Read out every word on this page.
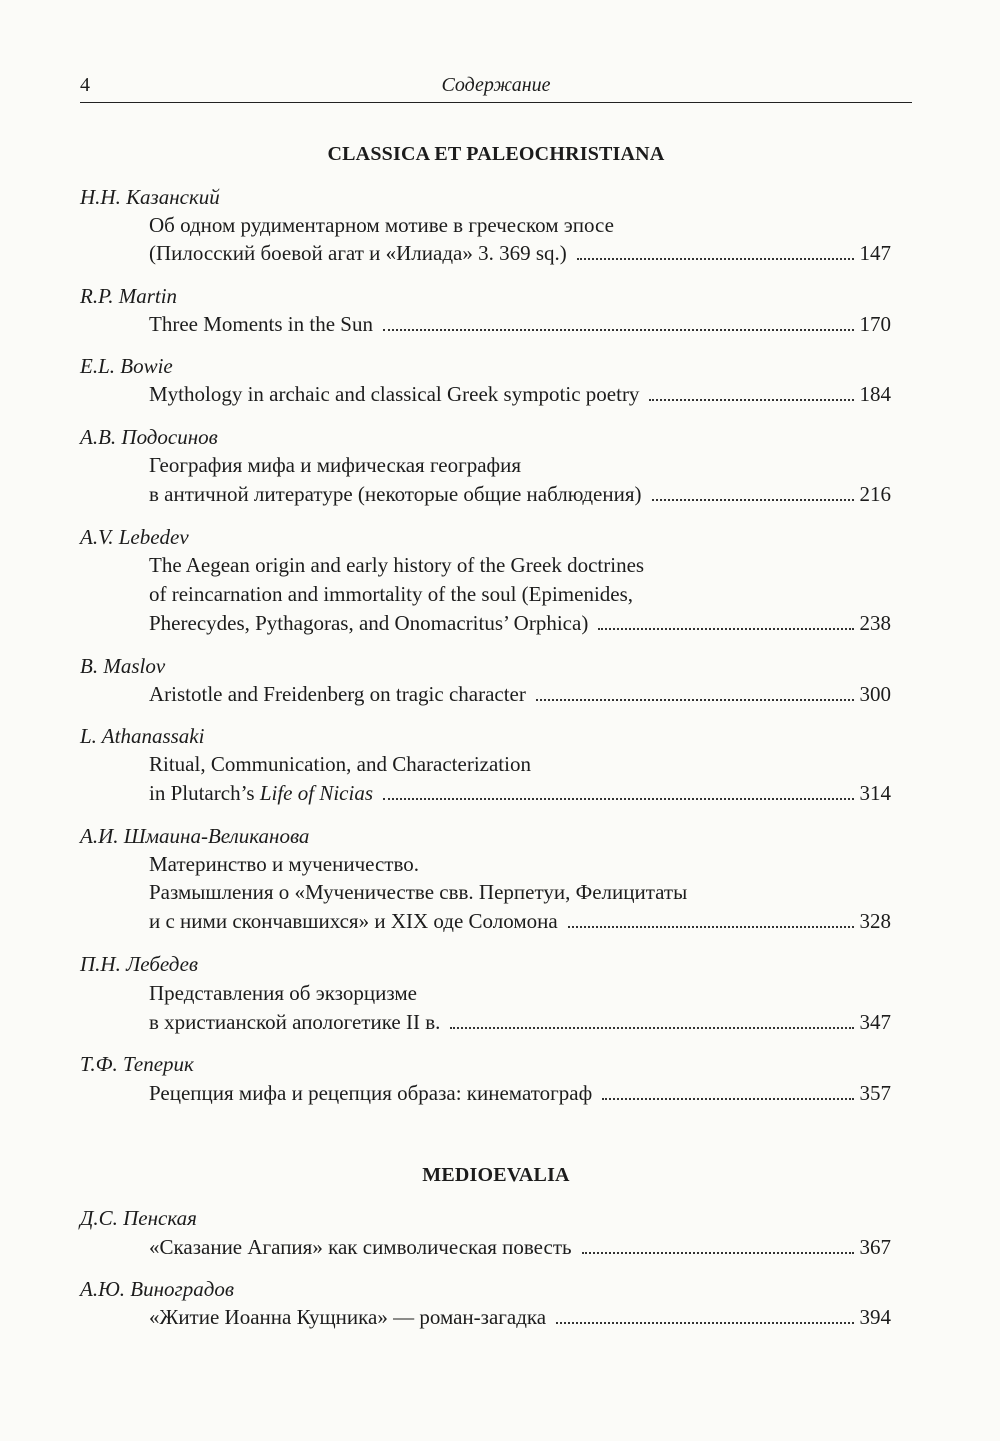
4	Содержание
CLASSICA ET PALEOCHRISTIANA
Н.Н. Казанский
Об одном рудиментарном мотиве в греческом эпосе
(Пилосский боевой агат и «Илиада» 3. 369 sq.)	147
R.P. Martin
Three Moments in the Sun	170
E.L. Bowie
Mythology in archaic and classical Greek sympotic poetry	184
А.В. Подосинов
География мифа и мифическая география
в античной литературе (некоторые общие наблюдения)	216
A.V. Lebedev
The Aegean origin and early history of the Greek doctrines
of reincarnation and immortality of the soul (Epimenides,
Pherecydes, Pythagoras, and Onomacritus’ Orphica)	238
B. Maslov
Aristotle and Freidenberg on tragic character	300
L. Athanassaki
Ritual, Communication, and Characterization
in Plutarch’s Life of Nicias	314
А.И. Шмаина-Великанова
Материнство и мученичество.
Размышления о «Мученичестве свв. Перпетуи, Фелицитаты
и с ними скончавшихся» и XIX оде Соломона	328
П.Н. Лебедев
Представления об экзорцизме
в христианской апологетике II в.	347
Т.Ф. Теперик
Рецепция мифа и рецепция образа: кинематограф	357
MEDIOEVALIA
Д.С. Пенская
«Сказание Агапия» как символическая повесть	367
А.Ю. Виноградов
«Житие Иоанна Кущника» — роман-загадка	394
